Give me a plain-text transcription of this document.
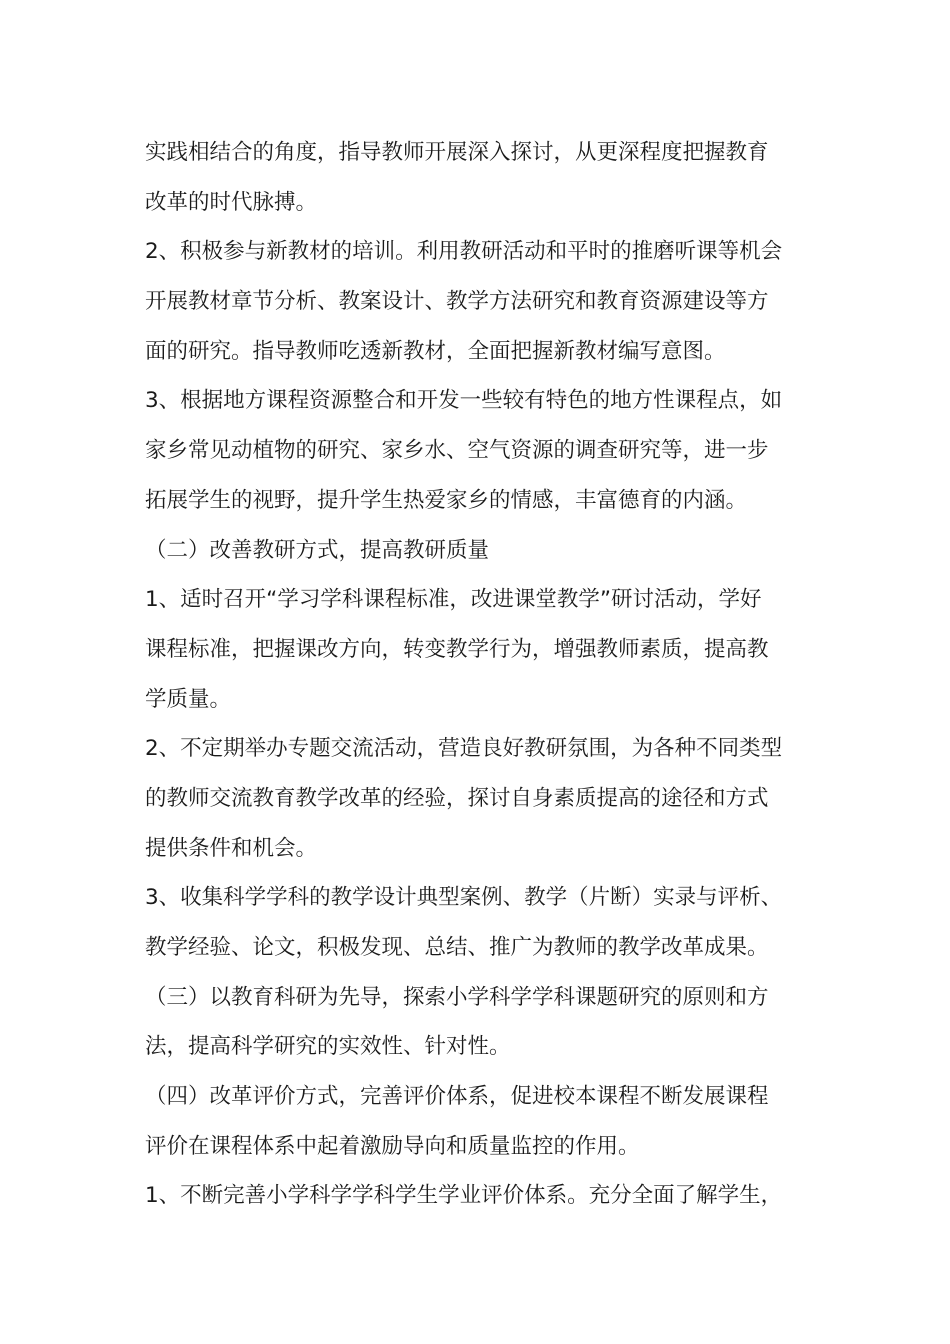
实践相结合的角度，指导教师开展深入探讨，从更深程度把握教育
改革的时代脉搏。
2、积极参与新教材的培训。利用教研活动和平时的推磨听课等机会
开展教材章节分析、教案设计、教学方法研究和教育资源建设等方
面的研究。指导教师吃透新教材，全面把握新教材编写意图。
3、根据地方课程资源整合和开发一些较有特色的地方性课程点，如
家乡常见动植物的研究、家乡水、空气资源的调查研究等，进一步
拓展学生的视野，提升学生热爱家乡的情感，丰富德育的内涵。
（二）改善教研方式，提高教研质量
1、适时召开“学习学科课程标准，改进课堂教学”研讨活动，学好
课程标准，把握课改方向，转变教学行为，增强教师素质，提高教
学质量。
2、不定期举办专题交流活动，营造良好教研氛围，为各种不同类型
的教师交流教育教学改革的经验，探讨自身素质提高的途径和方式
提供条件和机会。
3、收集科学学科的教学设计典型案例、教学（片断）实录与评析、
教学经验、论文，积极发现、总结、推广为教师的教学改革成果。
（三）以教育科研为先导，探索小学科学学科课题研究的原则和方
法，提高科学研究的实效性、针对性。
（四）改革评价方式，完善评价体系，促进校本课程不断发展课程
评价在课程体系中起着激励导向和质量监控的作用。
1、不断完善小学科学学科学生学业评价体系。充分全面了解学生，
